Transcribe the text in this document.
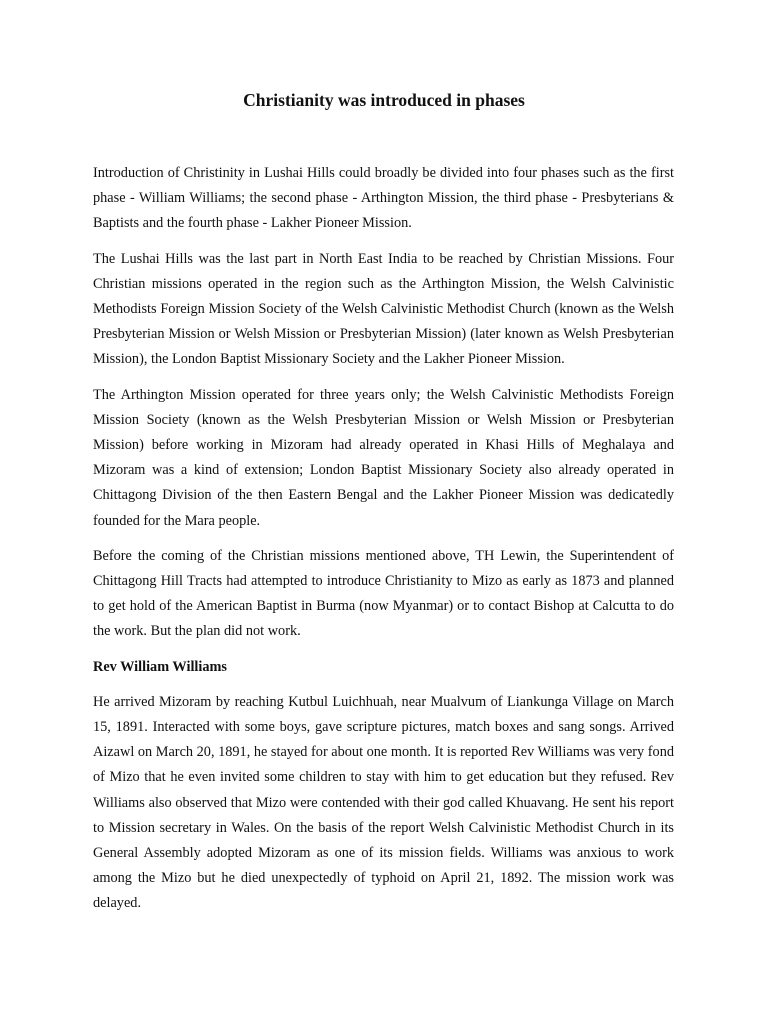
Christianity was introduced in phases

Introduction of Christinity in Lushai Hills could broadly be divided into four phases such as the first phase - William Williams; the second phase - Arthington Mission, the third phase - Presbyterians & Baptists and the fourth phase - Lakher Pioneer Mission.

The Lushai Hills was the last part in North East India to be reached by Christian Missions. Four Christian missions operated in the region such as the Arthington Mission, the Welsh Calvinistic Methodists Foreign Mission Society of the Welsh Calvinistic Methodist Church (known as the Welsh Presbyterian Mission or Welsh Mission or Presbyterian Mission) (later known as Welsh Presbyterian Mission), the London Baptist Missionary Society and the Lakher Pioneer Mission.

The Arthington Mission operated for three years only; the Welsh Calvinistic Methodists Foreign Mission Society (known as the Welsh Presbyterian Mission or Welsh Mission or Presbyterian Mission) before working in Mizoram had already operated in Khasi Hills of Meghalaya and Mizoram was a kind of extension; London Baptist Missionary Society also already operated in Chittagong Division of the then Eastern Bengal and the Lakher Pioneer Mission was dedicatedly founded for the Mara people.

Before the coming of the Christian missions mentioned above, TH Lewin, the Superintendent of Chittagong Hill Tracts had attempted to introduce Christianity to Mizo as early as 1873 and planned to get hold of the American Baptist in Burma (now Myanmar) or to contact Bishop at Calcutta to do the work. But the plan did not work.

Rev William Williams

He arrived Mizoram by reaching Kutbul Luichhuah, near Mualvum of Liankunga Village on March 15, 1891. Interacted with some boys, gave scripture pictures, match boxes and sang songs. Arrived Aizawl on March 20, 1891, he stayed for about one month. It is reported Rev Williams was very fond of Mizo that he even invited some children to stay with him to get education but they refused. Rev Williams also observed that Mizo were contended with their god called Khuavang. He sent his report to Mission secretary in Wales. On the basis of the report Welsh Calvinistic Methodist Church in its General Assembly adopted Mizoram as one of its mission fields. Williams was anxious to work among the Mizo but he died unexpectedly of typhoid on April 21, 1892. The mission work was delayed.
